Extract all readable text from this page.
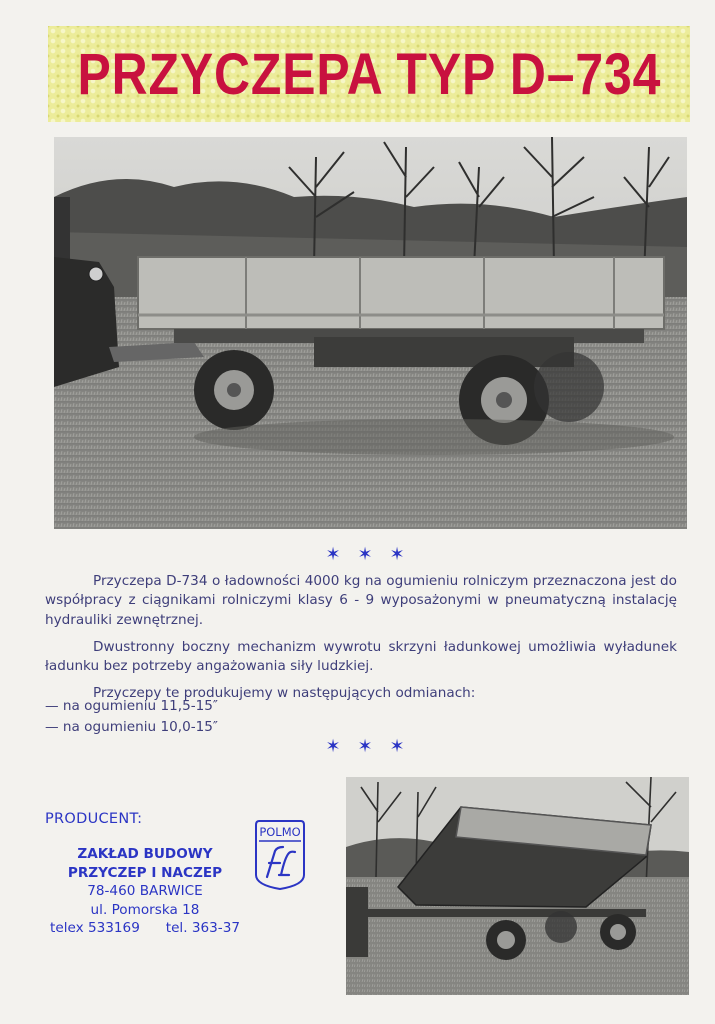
PRZYCZEPA TYP D–734
✶ ✶ ✶

Przyczepa D-734 o ładowności 4000 kg na ogumieniu rolniczym przeznaczona jest do współpracy z ciągnikami rolniczymi klasy 6 - 9 wyposażonymi w pneumatyczną instalację hydrauliki zewnętrznej.

Dwustronny boczny mechanizm wywrotu skrzyni ładunkowej umożliwia wyładunek ładunku bez potrzeby angażowania siły ludzkiej.

Przyczepy te produkujemy w następujących odmianach:

— na ogumieniu 11,5-15″
— na ogumieniu 10,0-15″
✶ ✶ ✶
PRODUCENT:
ZAKŁAD BUDOWY
PRZYCZEP I NACZEP
78-460 BARWICE
ul. Pomorska 18
telex 533169 tel. 363-37
POLMO
